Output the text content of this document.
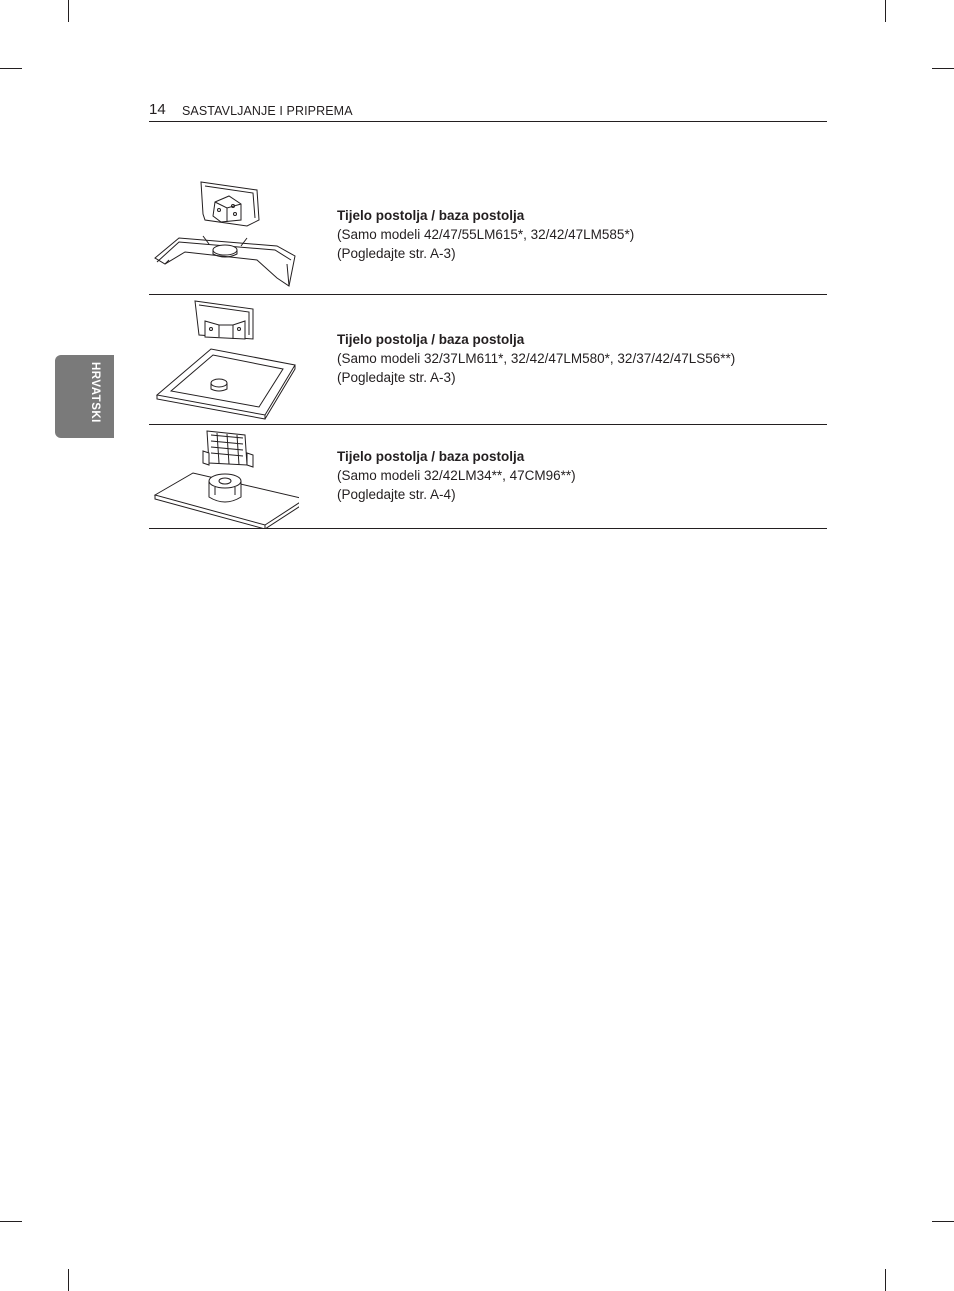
14 SASTAVLJANJE I PRIPREMA
HRVATSKI
Tijelo postolja / baza postolja
(Samo modeli 42/47/55LM615*, 32/42/47LM585*)
(Pogledajte str. A-3)
Tijelo postolja / baza postolja
(Samo modeli 32/37LM611*, 32/42/47LM580*, 32/37/42/47LS56**)
(Pogledajte str. A-3)
Tijelo postolja / baza postolja
(Samo modeli 32/42LM34**, 47CM96**)
(Pogledajte str. A-4)
